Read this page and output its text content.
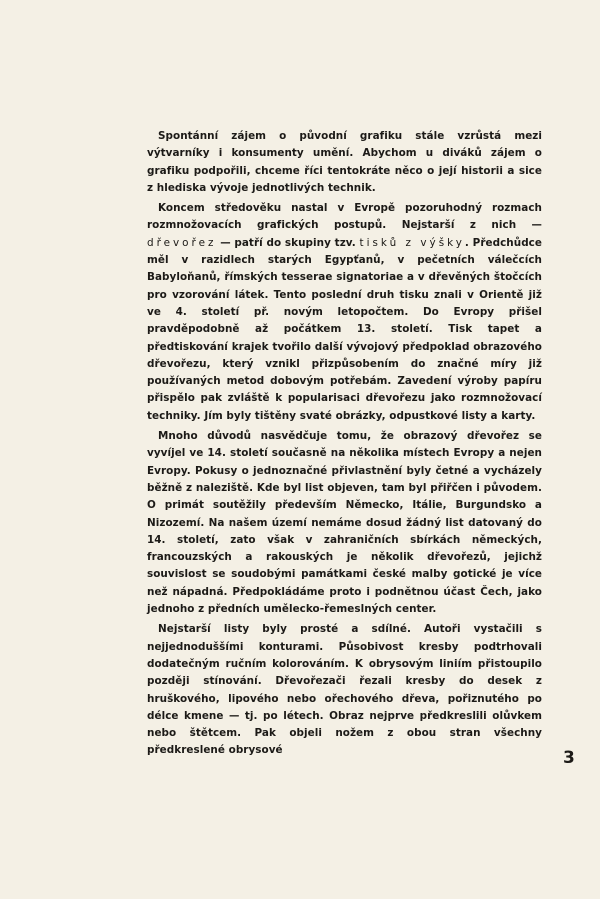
Spontánní zájem o původní grafiku stále vzrůstá mezi výtvarníky i konsumenty umění. Abychom u diváků zájem o grafiku podpořili, chceme říci tentokráte něco o její historii a sice z hlediska vývoje jednotlivých technik.

Koncem středověku nastal v Evropě pozoruhodný rozmach rozmnožovacích grafických postupů. Nejstarší z nich — dřevořez — patří do skupiny tzv. tisků z výšky. Předchůdce měl v razidlech starých Egypťanů, v pečetních válečcích Babyloňanů, římských tesserae signatoriae a v dřevěných štočcích pro vzorování látek. Tento poslední druh tisku znali v Orientě již ve 4. století př. novým letopočtem. Do Evropy přišel pravděpodobně až počátkem 13. století. Tisk tapet a předtiskování krajek tvořilo další vývojový předpoklad obrazového dřevořezu, který vznikl přizpůsobením do značné míry již používaných metod dobovým potřebám. Zavedení výroby papíru přispělo pak zvláště k popularisaci dřevořezu jako rozmnožovací techniky. Jím byly tištěny svaté obrázky, odpustkové listy a karty.

Mnoho důvodů nasvědčuje tomu, že obrazový dřevořez se vyvíjel ve 14. století současně na několika místech Evropy a nejen Evropy. Pokusy o jednoznačné přivlastnění byly četné a vycházely běžně z naleziště. Kde byl list objeven, tam byl přiřčen i původem. O primát soutěžily především Německo, Itálie, Burgundsko a Nizozemí. Na našem území nemáme dosud žádný list datovaný do 14. století, zato však v zahraničních sbírkách německých, francouzských a rakouských je několik dřevořezů, jejichž souvislost se soudobými památkami české malby gotické je více než nápadná. Předpokládáme proto i podnětnou účast Čech, jako jednoho z předních umělecko-řemeslných center.

Nejstarší listy byly prosté a sdílné. Autoři vystačili s nejjednoduššími konturami. Působivost kresby podtrhovali dodatečným ručním kolorováním. K obrysovým liniím přistoupilo později stínování. Dřevořezači řezali kresby do desek z hruškového, lipového nebo ořechového dřeva, pořiznutého po délce kmene — tj. po létech. Obraz nejprve předkreslili olůvkem nebo štětcem. Pak objeli nožem z obou stran všechny předkreslené obrysové	3
